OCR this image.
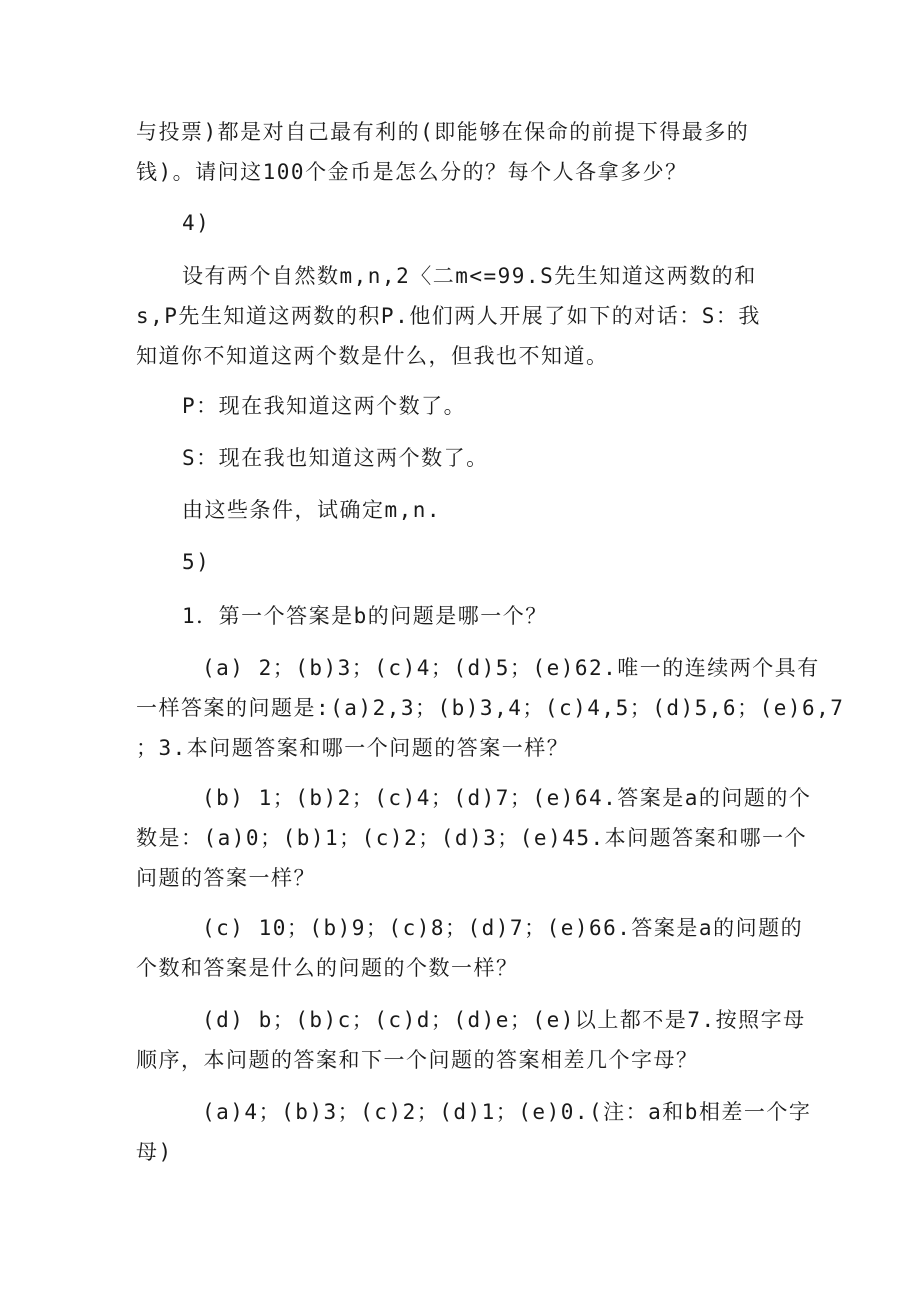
与投票)都是对自己最有利的(即能够在保命的前提下得最多的
钱)。请问这100个金币是怎么分的？每个人各拿多少？

4)

设有两个自然数m,n,2〈二m<=99.S先生知道这两数的和
s,P先生知道这两数的积P.他们两人开展了如下的对话：S：我
知道你不知道这两个数是什么，但我也不知道。

P：现在我知道这两个数了。

S：现在我也知道这两个数了。

由这些条件，试确定m,n.

5)

1．第一个答案是b的问题是哪一个？

(a) 2；(b)3；(c)4；(d)5；(e)62.唯一的连续两个具有
一样答案的问题是:(a)2,3；(b)3,4；(c)4,5；(d)5,6；(e)6,7
；3.本问题答案和哪一个问题的答案一样？

(b) 1；(b)2；(c)4；(d)7；(e)64.答案是a的问题的个
数是：(a)0；(b)1；(c)2；(d)3；(e)45.本问题答案和哪一个
问题的答案一样？

(c) 10；(b)9；(c)8；(d)7；(e)66.答案是a的问题的
个数和答案是什么的问题的个数一样？

(d) b；(b)c；(c)d；(d)e；(e)以上都不是7.按照字母
顺序，本问题的答案和下一个问题的答案相差几个字母？

(a)4；(b)3；(c)2；(d)1；(e)0.(注：a和b相差一个字
母)
